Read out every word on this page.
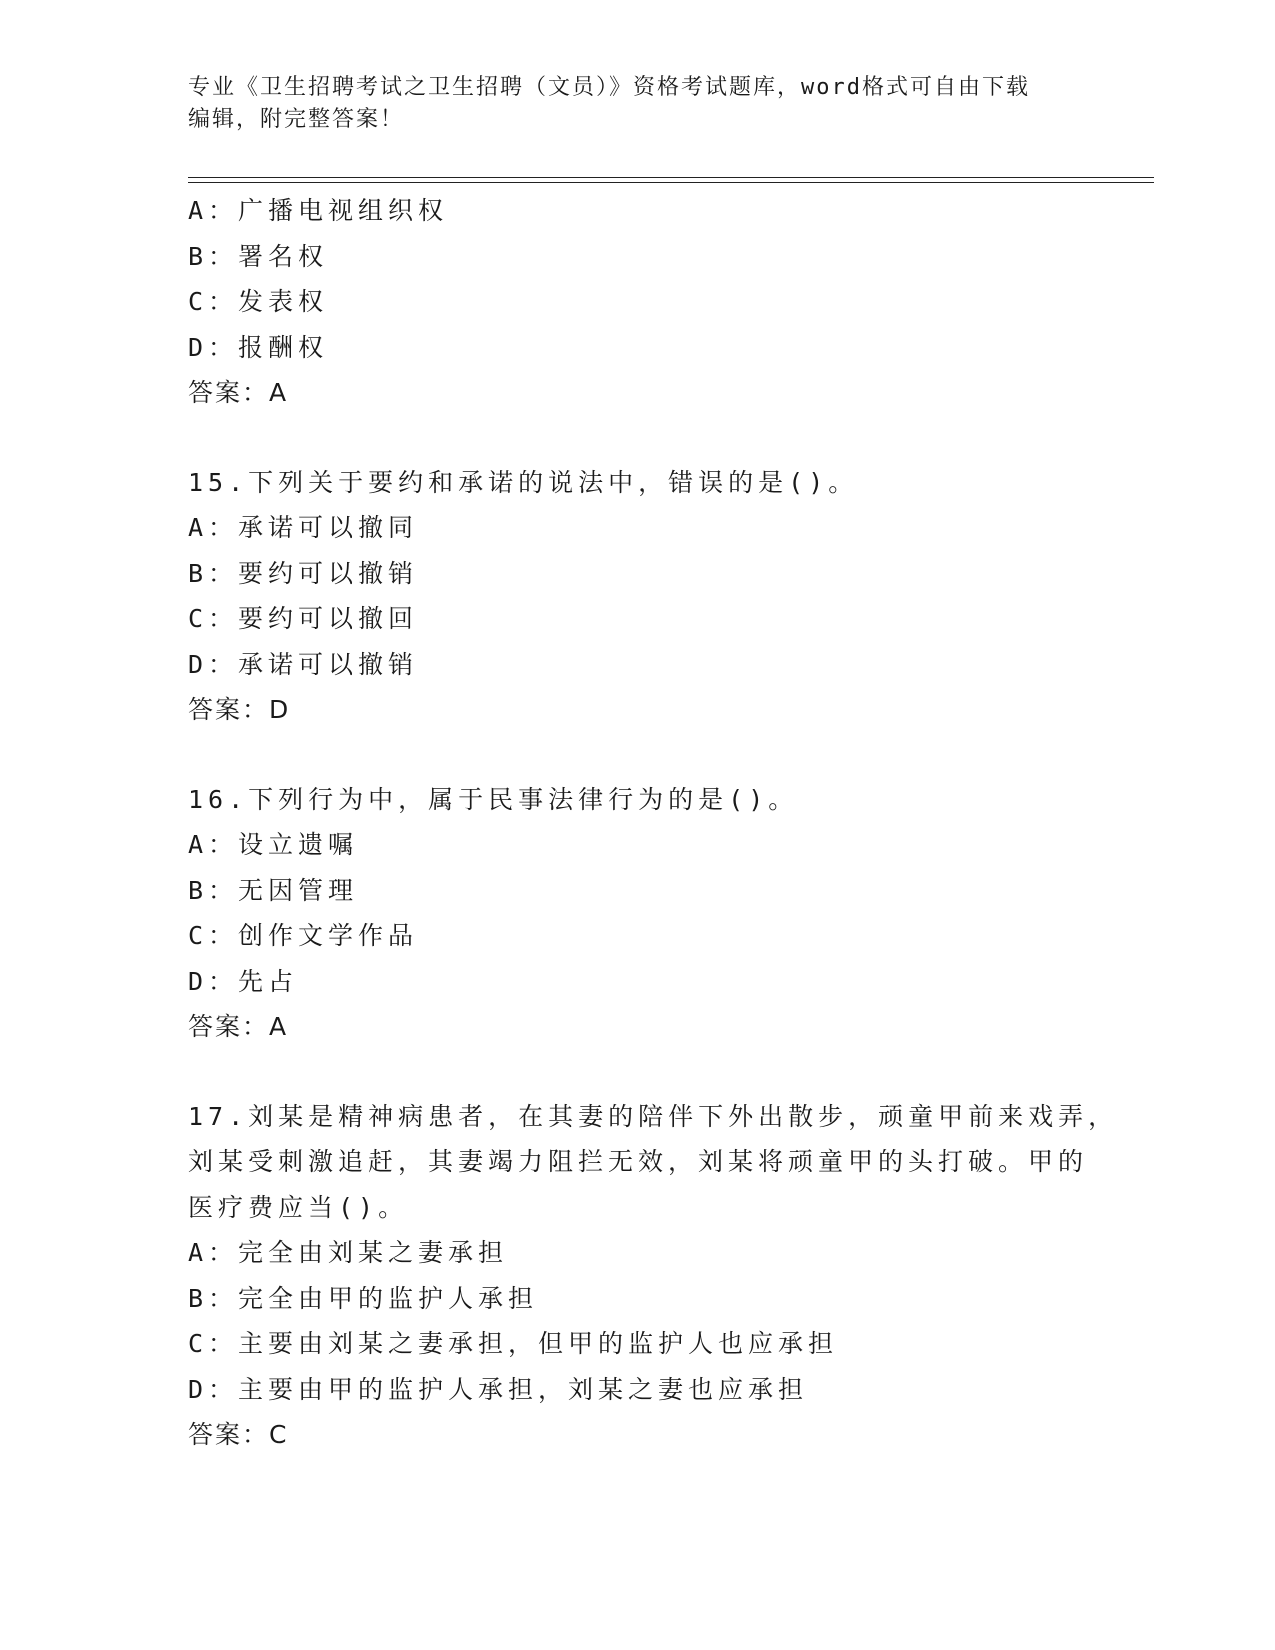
专业《卫生招聘考试之卫生招聘（文员）》资格考试题库，word格式可自由下载
编辑，附完整答案！
A：广播电视组织权
B：署名权
C：发表权
D：报酬权
答案：A
15.下列关于要约和承诺的说法中，错误的是()。
A：承诺可以撤同
B：要约可以撤销
C：要约可以撤回
D：承诺可以撤销
答案：D
16.下列行为中，属于民事法律行为的是()。
A：设立遗嘱
B：无因管理
C：创作文学作品
D：先占
答案：A
17.刘某是精神病患者，在其妻的陪伴下外出散步，顽童甲前来戏弄，
刘某受刺激追赶，其妻竭力阻拦无效，刘某将顽童甲的头打破。甲的
医疗费应当()。
A：完全由刘某之妻承担
B：完全由甲的监护人承担
C：主要由刘某之妻承担，但甲的监护人也应承担
D：主要由甲的监护人承担，刘某之妻也应承担
答案：C
